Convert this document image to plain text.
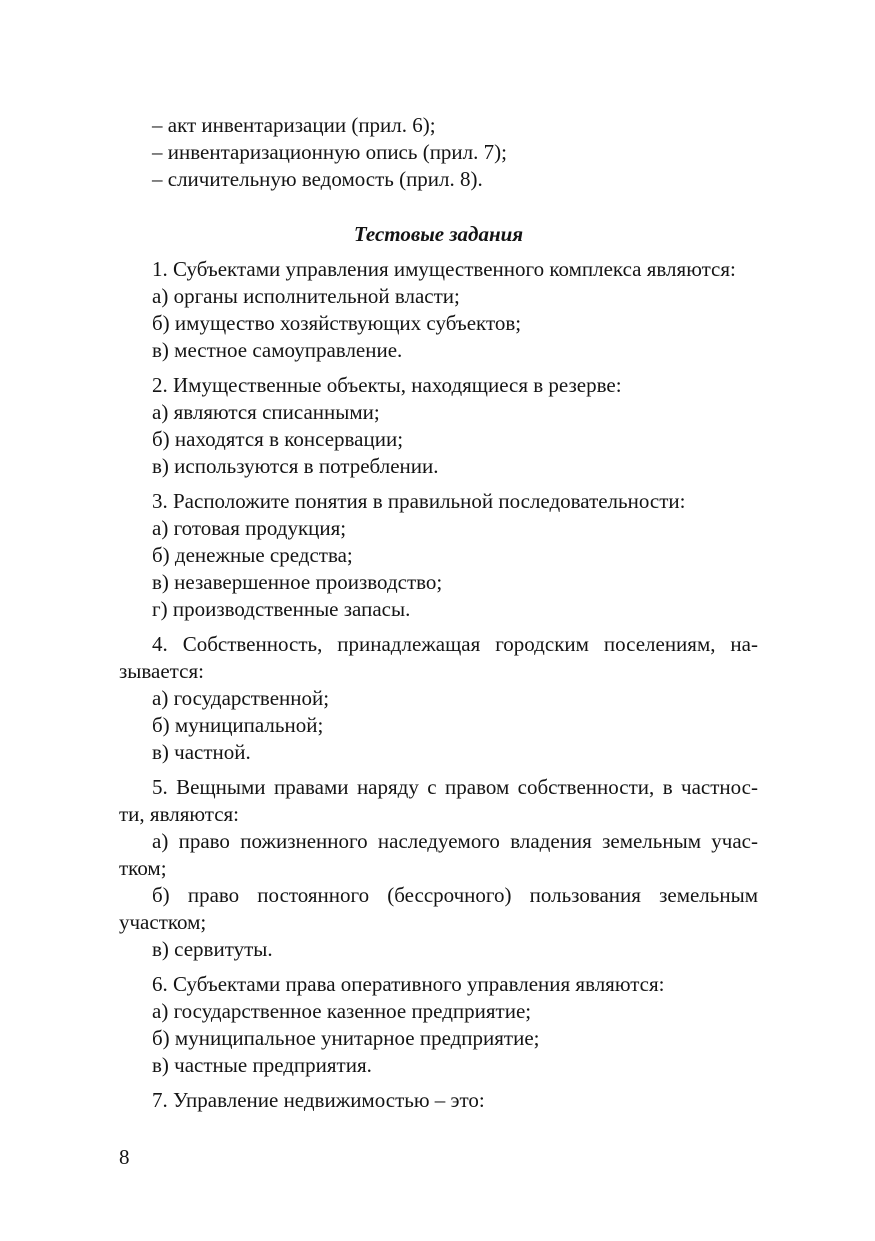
– акт инвентаризации (прил. 6);
– инвентаризационную опись (прил. 7);
– сличительную ведомость (прил. 8).
Тестовые задания
1. Субъектами управления имущественного комплекса являются:
а) органы исполнительной власти;
б) имущество хозяйствующих субъектов;
в) местное самоуправление.
2. Имущественные объекты, находящиеся в резерве:
а) являются списанными;
б) находятся в консервации;
в) используются в потреблении.
3. Расположите понятия в правильной последовательности:
а) готовая продукция;
б) денежные средства;
в) незавершенное производство;
г) производственные запасы.
4. Собственность, принадлежащая городским поселениям, на-
зывается:
а) государственной;
б) муниципальной;
в) частной.
5. Вещными правами наряду с правом собственности, в частнос-
ти, являются:
а) право пожизненного наследуемого владения земельным учас-
тком;
б) право постоянного (бессрочного) пользования земельным
участком;
в) сервитуты.
6. Субъектами права оперативного управления являются:
а) государственное казенное предприятие;
б) муниципальное унитарное предприятие;
в) частные предприятия.
7. Управление недвижимостью – это:
8
